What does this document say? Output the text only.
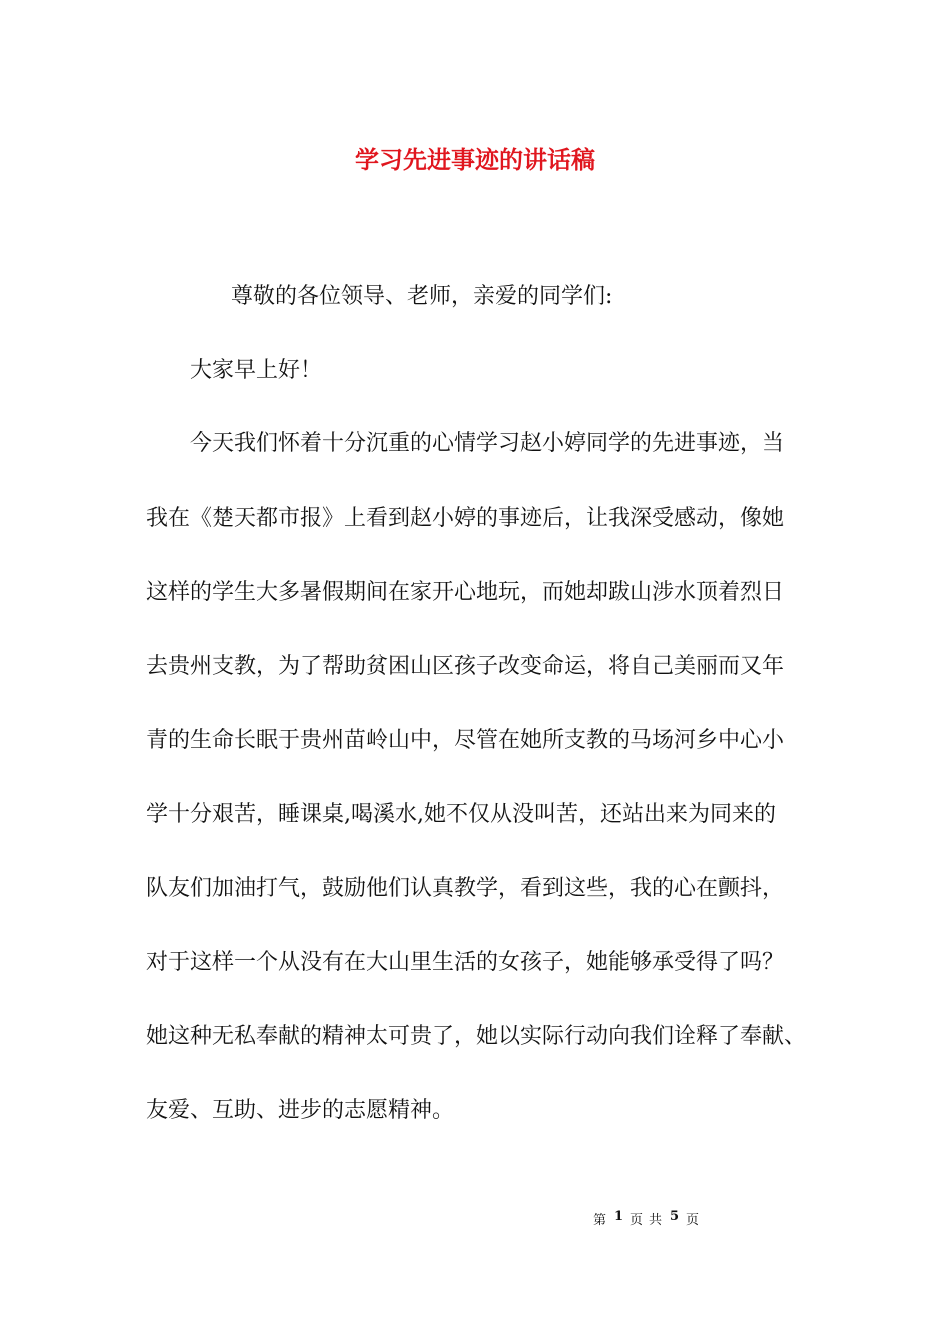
学习先进事迹的讲话稿
尊敬的各位领导、老师，亲爱的同学们:
大家早上好！
今天我们怀着十分沉重的心情学习赵小婷同学的先进事迹，当
我在《楚天都市报》上看到赵小婷的事迹后，让我深受感动，像她
这样的学生大多暑假期间在家开心地玩，而她却跋山涉水顶着烈日
去贵州支教，为了帮助贫困山区孩子改变命运，将自己美丽而又年
青的生命长眠于贵州苗岭山中，尽管在她所支教的马场河乡中心小
学十分艰苦，睡课桌,喝溪水,她不仅从没叫苦，还站出来为同来的
队友们加油打气，鼓励他们认真教学，看到这些，我的心在颤抖，
对于这样一个从没有在大山里生活的女孩子，她能够承受得了吗？
她这种无私奉献的精神太可贵了，她以实际行动向我们诠释了奉献、
友爱、互助、进步的志愿精神。
第 1 页 共 5 页
